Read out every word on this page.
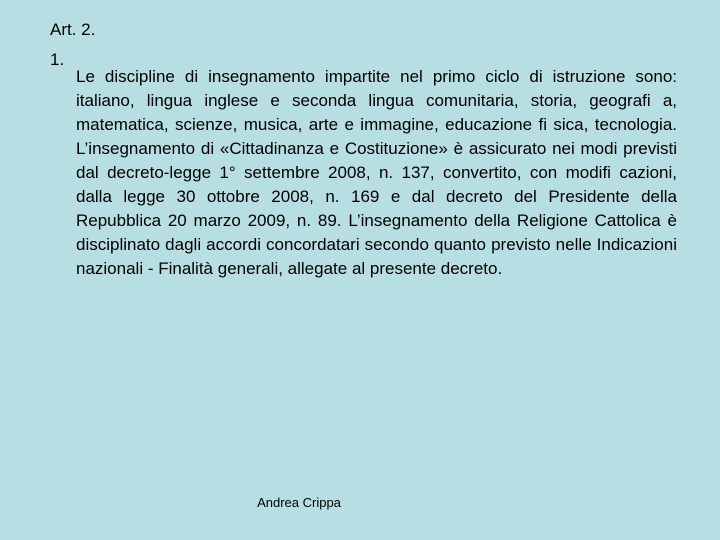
Art. 2.
1.

Le discipline di insegnamento impartite nel primo ciclo di istruzione sono: italiano, lingua inglese e seconda lingua comunitaria, storia, geografi a, matematica, scienze, musica, arte e immagine, educazione fi sica, tecnologia. L’insegnamento di «Cittadinanza e Costituzione» è assicurato nei modi previsti dal decreto-legge 1° settembre 2008, n. 137, convertito, con modifi cazioni, dalla legge 30 ottobre 2008, n. 169 e dal decreto del Presidente della Repubblica 20 marzo 2009, n. 89. L’insegnamento della Religione Cattolica è disciplinato dagli accordi concordatari secondo quanto previsto nelle Indicazioni nazionali - Finalità generali, allegate al presente decreto.

Andrea Crippa
